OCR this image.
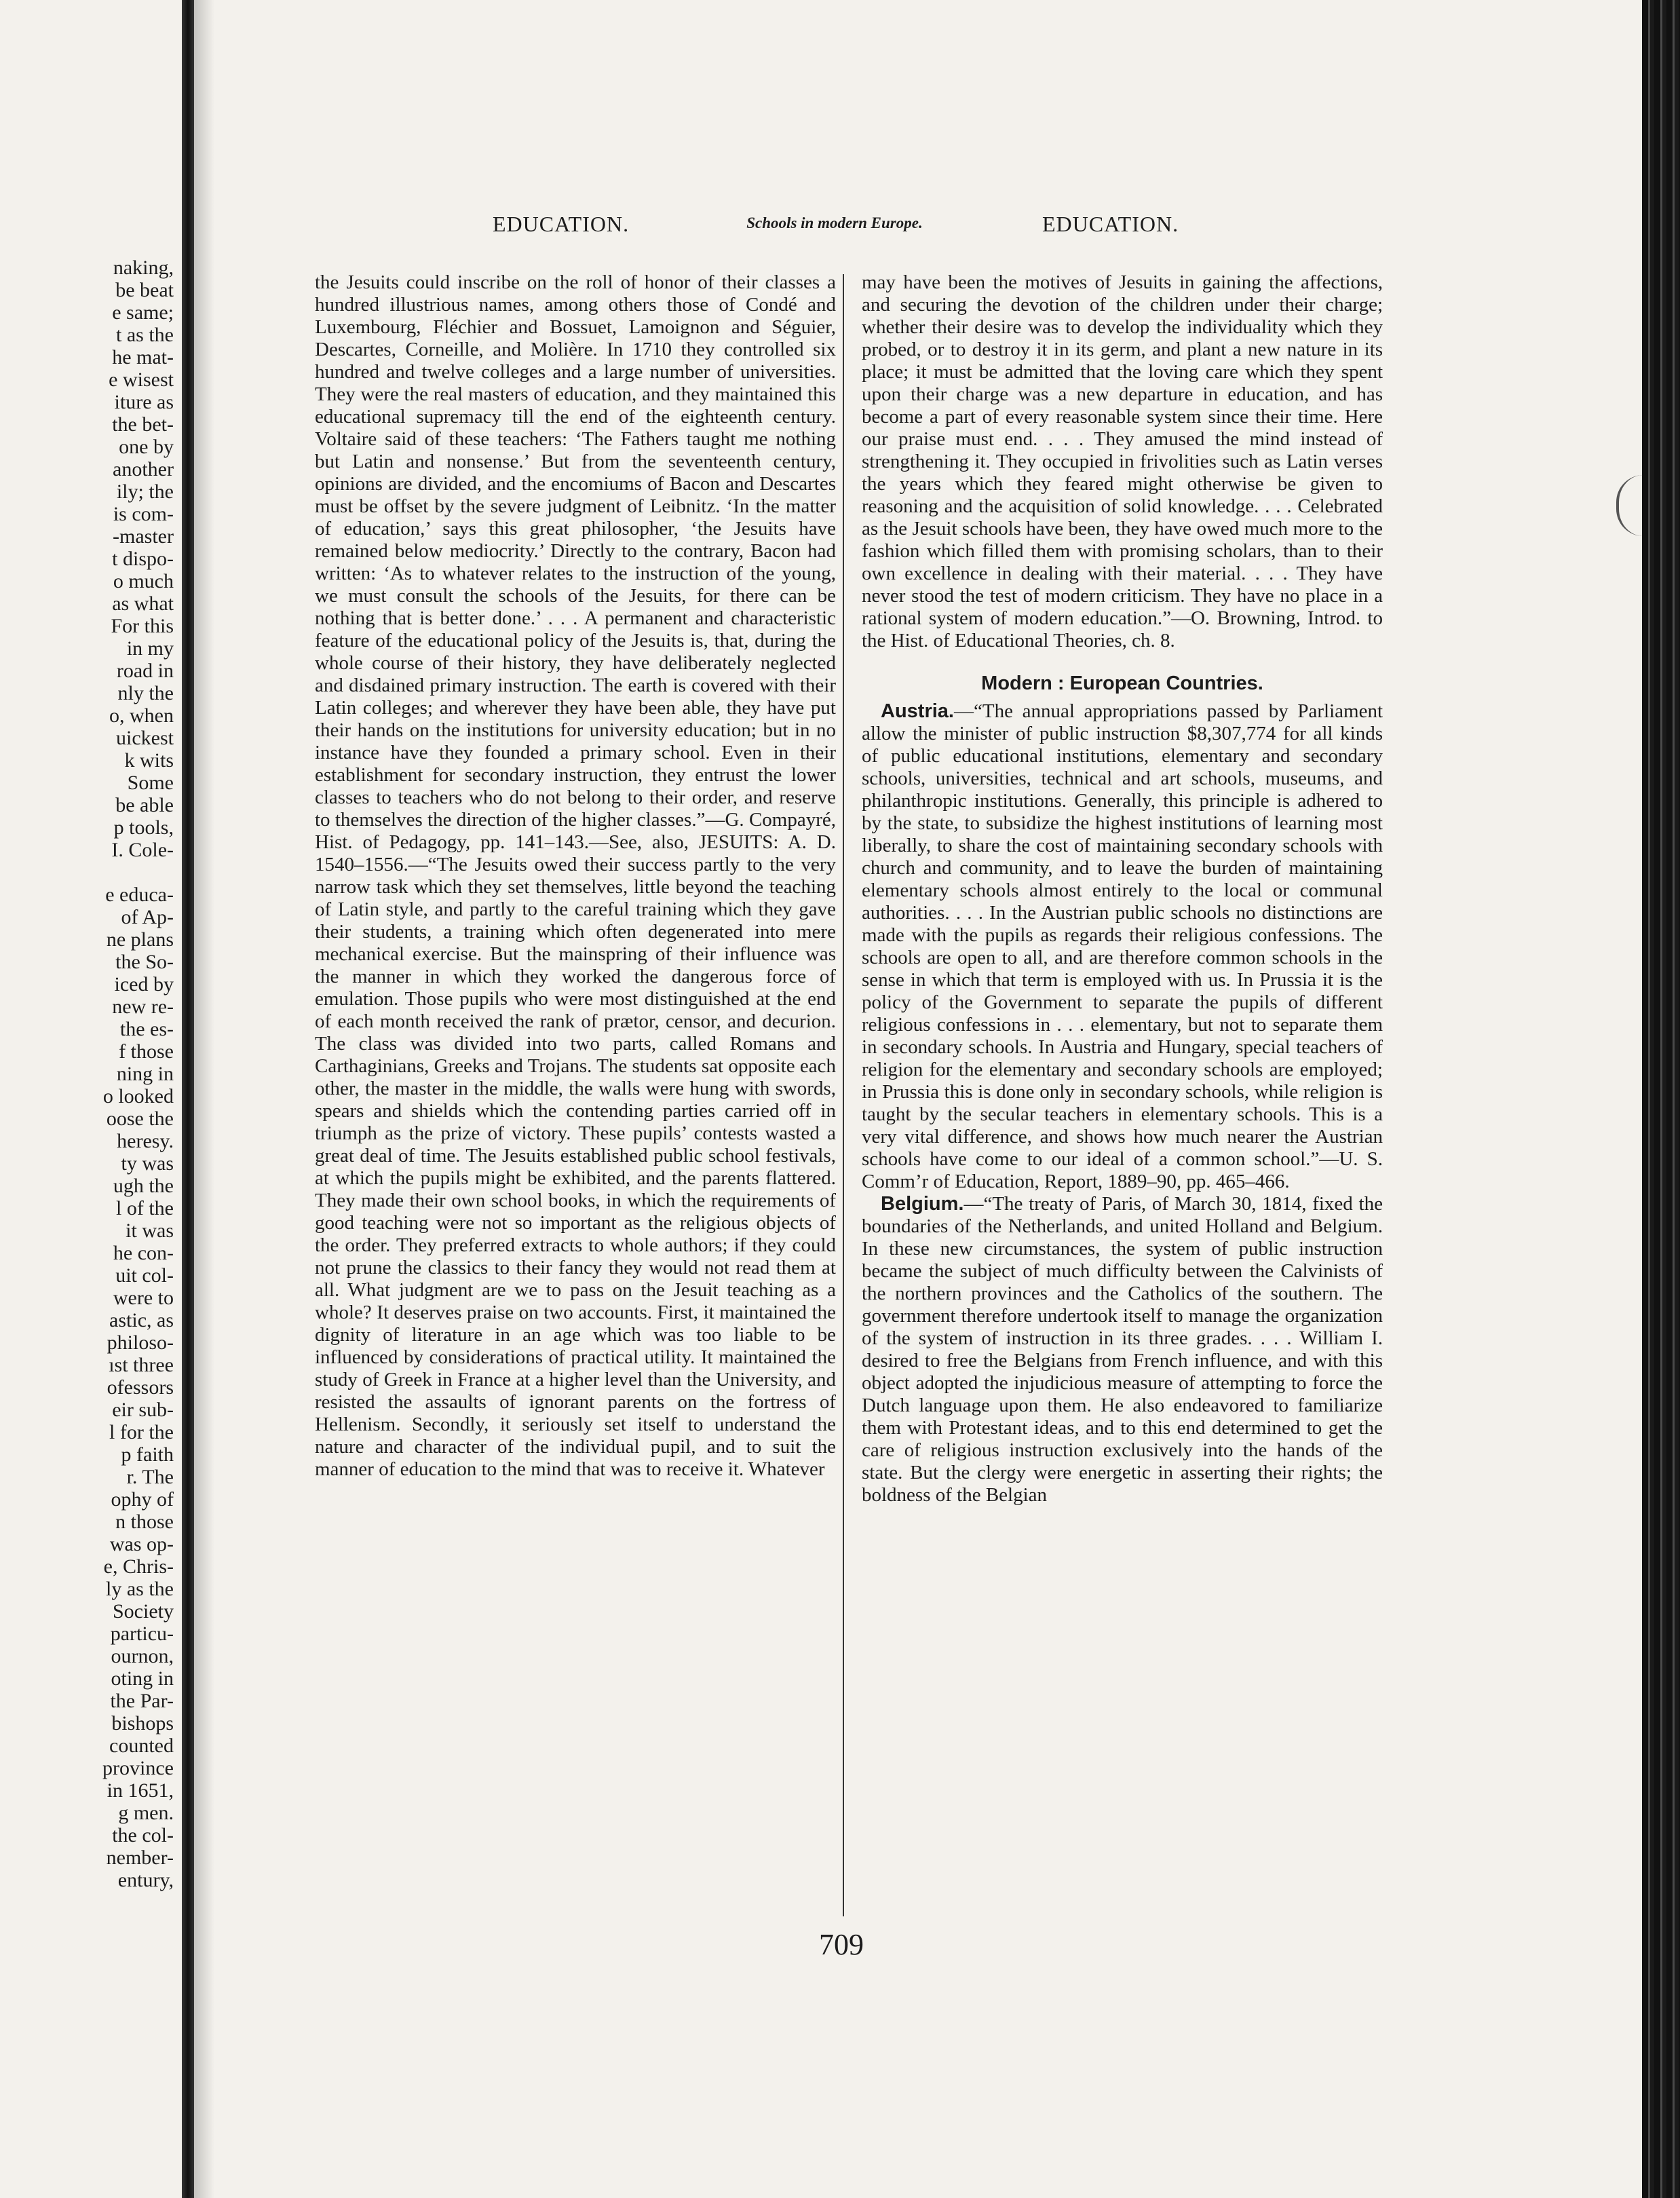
naking,
be beat
e same;
t as the
he mat-
e wisest
iture as
the bet-
one by
another
ily; the
is com-
-master
t dispo-
o much
as what
For this
in my
road in
nly the
o, when
uickest
k wits
Some
be able
p tools,
I. Cole-
e educa-
of Ap-
ne plans
the So-
iced by
new re-
the es-
f those
ning in
o looked
oose the
heresy.
ty was
ugh the
l of the
it was
he con-
uit col-
were to
astic, as
philoso-
ıst three
ofessors
eir sub-
l for the
p faith
r. The
ophy of
n those
was op-
e, Chris-
ly as the
Society
particu-
ournon,
oting in
the Par-
bishops
counted
province
in 1651,
g men.
the col-
nember-
entury,
EDUCATION.	Schools in modern Europe.	EDUCATION.

the Jesuits could inscribe on the roll of honor of their classes a hundred illustrious names, among others those of Condé and Luxembourg, Fléchier and Bossuet, Lamoignon and Séguier, Descartes, Corneille, and Molière. In 1710 they controlled six hundred and twelve colleges and a large number of universities. They were the real masters of education, and they maintained this educational supremacy till the end of the eighteenth century. Voltaire said of these teachers: ‘The Fathers taught me nothing but Latin and nonsense.’ But from the seventeenth century, opinions are divided, and the encomiums of Bacon and Descartes must be offset by the severe judgment of Leibnitz. ‘In the matter of education,’ says this great philosopher, ‘the Jesuits have remained below mediocrity.’ Directly to the contrary, Bacon had written: ‘As to whatever relates to the instruction of the young, we must consult the schools of the Jesuits, for there can be nothing that is better done.’ . . . A permanent and characteristic feature of the educational policy of the Jesuits is, that, during the whole course of their history, they have deliberately neglected and disdained primary instruction. The earth is covered with their Latin colleges; and wherever they have been able, they have put their hands on the institutions for university education; but in no instance have they founded a primary school. Even in their establishment for secondary instruction, they entrust the lower classes to teachers who do not belong to their order, and reserve to themselves the direction of the higher classes.”—G. Compayré, Hist. of Pedagogy, pp. 141–143.—See, also, JESUITS: A. D. 1540–1556.—“The Jesuits owed their success partly to the very narrow task which they set themselves, little beyond the teaching of Latin style, and partly to the careful training which they gave their students, a training which often degenerated into mere mechanical exercise. But the mainspring of their influence was the manner in which they worked the dangerous force of emulation. Those pupils who were most distinguished at the end of each month received the rank of prætor, censor, and decurion. The class was divided into two parts, called Romans and Carthaginians, Greeks and Trojans. The students sat opposite each other, the master in the middle, the walls were hung with swords, spears and shields which the contending parties carried off in triumph as the prize of victory. These pupils’ contests wasted a great deal of time. The Jesuits established public school festivals, at which the pupils might be exhibited, and the parents flattered. They made their own school books, in which the requirements of good teaching were not so important as the religious objects of the order. They preferred extracts to whole authors; if they could not prune the classics to their fancy they would not read them at all. What judgment are we to pass on the Jesuit teaching as a whole? It deserves praise on two accounts. First, it maintained the dignity of literature in an age which was too liable to be influenced by considerations of practical utility. It maintained the study of Greek in France at a higher level than the University, and resisted the assaults of ignorant parents on the fortress of Hellenism. Secondly, it seriously set itself to understand the nature and character of the individual pupil, and to suit the manner of education to the mind that was to receive it. Whatever

may have been the motives of Jesuits in gaining the affections, and securing the devotion of the children under their charge; whether their desire was to develop the individuality which they probed, or to destroy it in its germ, and plant a new nature in its place; it must be admitted that the loving care which they spent upon their charge was a new departure in education, and has become a part of every reasonable system since their time. Here our praise must end. . . . They amused the mind instead of strengthening it. They occupied in frivolities such as Latin verses the years which they feared might otherwise be given to reasoning and the acquisition of solid knowledge. . . . Celebrated as the Jesuit schools have been, they have owed much more to the fashion which filled them with promising scholars, than to their own excellence in dealing with their material. . . . They have never stood the test of modern criticism. They have no place in a rational system of modern education.”—O. Browning, Introd. to the Hist. of Educational Theories, ch. 8.

Modern : European Countries.

Austria.—“The annual appropriations passed by Parliament allow the minister of public instruction $8,307,774 for all kinds of public educational institutions, elementary and secondary schools, universities, technical and art schools, museums, and philanthropic institutions. Generally, this principle is adhered to by the state, to subsidize the highest institutions of learning most liberally, to share the cost of maintaining secondary schools with church and community, and to leave the burden of maintaining elementary schools almost entirely to the local or communal authorities. . . . In the Austrian public schools no distinctions are made with the pupils as regards their religious confessions. The schools are open to all, and are therefore common schools in the sense in which that term is employed with us. In Prussia it is the policy of the Government to separate the pupils of different religious confessions in . . . elementary, but not to separate them in secondary schools. In Austria and Hungary, special teachers of religion for the elementary and secondary schools are employed; in Prussia this is done only in secondary schools, while religion is taught by the secular teachers in elementary schools. This is a very vital difference, and shows how much nearer the Austrian schools have come to our ideal of a common school.”—U. S. Comm’r of Education, Report, 1889–90, pp. 465–466.

Belgium.—“The treaty of Paris, of March 30, 1814, fixed the boundaries of the Netherlands, and united Holland and Belgium. In these new circumstances, the system of public instruction became the subject of much difficulty between the Calvinists of the northern provinces and the Catholics of the southern. The government therefore undertook itself to manage the organization of the system of instruction in its three grades. . . . William I. desired to free the Belgians from French influence, and with this object adopted the injudicious measure of attempting to force the Dutch language upon them. He also endeavored to familiarize them with Protestant ideas, and to this end determined to get the care of religious instruction exclusively into the hands of the state. But the clergy were energetic in asserting their rights; the boldness of the Belgian

709
